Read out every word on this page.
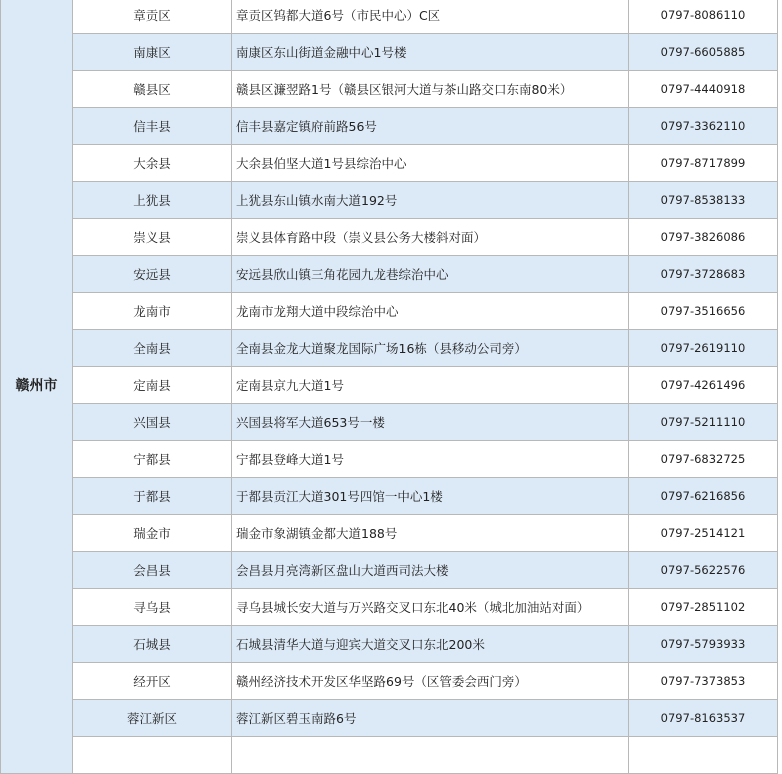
赣州市	章贡区	章贡区钨都大道6号（市民中心）C区	0797-8086110
	南康区	南康区东山街道金融中心1号楼	0797-6605885
	赣县区	赣县区濂翌路1号（赣县区银河大道与茶山路交口东南80米）	0797-4440918
	信丰县	信丰县嘉定镇府前路56号	0797-3362110
	大余县	大余县伯坚大道1号县综治中心	0797-8717899
	上犹县	上犹县东山镇水南大道192号	0797-8538133
	崇义县	崇义县体育路中段（崇义县公务大楼斜对面）	0797-3826086
	安远县	安远县欣山镇三角花园九龙巷综治中心	0797-3728683
	龙南市	龙南市龙翔大道中段综治中心	0797-3516656
	全南县	全南县金龙大道聚龙国际广场16栋（县移动公司旁）	0797-2619110
	定南县	定南县京九大道1号	0797-4261496
	兴国县	兴国县将军大道653号一楼	0797-5211110
	宁都县	宁都县登峰大道1号	0797-6832725
	于都县	于都县贡江大道301号四馆一中心1楼	0797-6216856
	瑞金市	瑞金市象湖镇金都大道188号	0797-2514121
	会昌县	会昌县月亮湾新区盘山大道西司法大楼	0797-5622576
	寻乌县	寻乌县城长安大道与万兴路交叉口东北40米（城北加油站对面）	0797-2851102
	石城县	石城县清华大道与迎宾大道交叉口东北200米	0797-5793933
	经开区	赣州经济技术开发区华坚路69号（区管委会西门旁）	0797-7373853
	蓉江新区	蓉江新区碧玉南路6号	0797-8163537
